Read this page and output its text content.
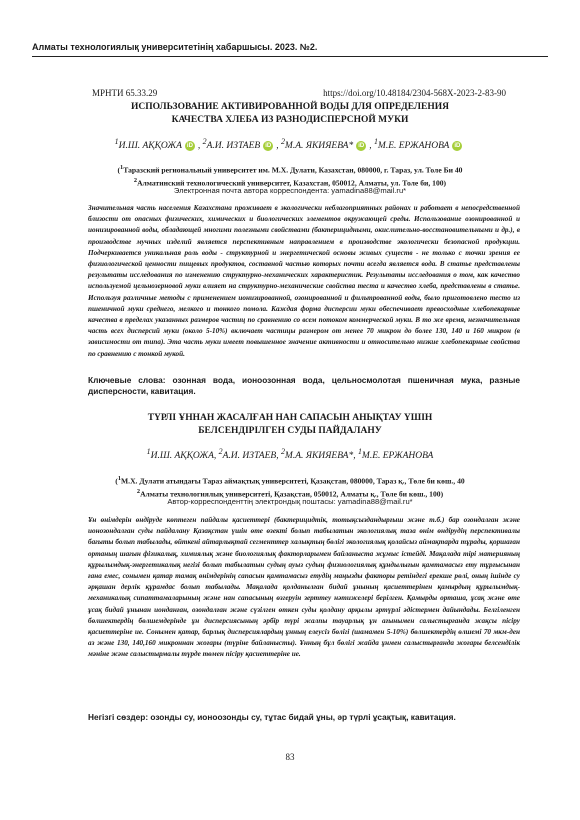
Алматы технологиялық университетінің хабаршысы. 2023. №2.
МРНТИ 65.33.29	https://doi.org/10.48184/2304-568X-2023-2-83-90
ИСПОЛЬЗОВАНИЕ АКТИВИРОВАННОЙ ВОДЫ ДЛЯ ОПРЕДЕЛЕНИЯ
КАЧЕСТВА ХЛЕБА ИЗ РАЗНОДИСПЕРСНОЙ МУКИ
$^1$И.Ш. АҚҚОЖА iD , $^2$А.И. ИЗТАЕВ iD , $^2$М.А. ЯКИЯЕВА* iD , $^1$М.Е. ЕРЖАНОВА iD
($^1$Таразский региональный университет им. М.Х. Дулати, Казахстан, 080000, г. Тараз, ул. Толе Би 40
$^2$Алматинский технологический университет, Казахстан, 050012, Алматы, ул. Толе би, 100)
Электронная почта автора корреспондента: yamadina88@mail.ru*
Значительная часть населения Казахстана проживает в экологически неблагоприятных районах и работает в непосредственной близости от опасных физических, химических и биологических элементов окружающей среды. Использование озонированной и ионизированной воды, обладающей многими полезными свойствами (бактерицидными, окислительно-восстановительными и др.), в производстве мучных изделий является перспективным направлением в производстве экологически безопасной продукции. Подчеркивается уникальная роль воды - структурной и энергетической основы живых существ - не только с точки зрения ее физиологической ценности пищевых продуктов, составной частью которых почти всегда является вода. В статье представлены результаты исследования по изменению структурно-механических характеристик. Результаты исследования о том, как качество используемой цельнозерновой муки влияет на структурно-механические свойства теста и качество хлеба, представлены в статье. Используя различные методы с применением ионизированной, озонированной и фильтрованной воды, было приготовлено тесто из пшеничной муки среднего, мелкого и тонкого помола. Каждая форма дисперсии муки обеспечивает превосходные хлебопекарные качества в пределах указанных размеров частиц по сравнению со всем потоком коммерческой муки. В то же время, незначительная часть всех дисперсий муки (около 5-10%) включает частицы размером от менее 70 микрон до более 130, 140 и 160 микрон (в зависимости от типа). Эта часть муки имеет повышенное значение активности и относительно низкие хлебопекарные свойства по сравнению с тонкой мукой.
Ключевые слова: озонная вода, ионоозонная вода, цельносмолотая пшеничная мука, разные дисперсности, кавитация.
ТҮРЛІ ҰННАН ЖАСАЛҒАН НАН САПАСЫН АНЫҚТАУ ҮШІН
БЕЛСЕНДІРІЛГЕН СУДЫ ПАЙДАЛАНУ
$^1$И.Ш. АҚҚОЖА, $^2$А.И. ИЗТАЕВ, $^2$М.А. ЯКИЯЕВА*, $^1$М.Е. ЕРЖАНОВА
($^1$М.Х. Дулати атындағы Тараз аймақтық университеті, Қазақстан, 080000, Тараз қ., Төле би көш., 40
$^2$Алматы технологиялық университеті, Қазақстан, 050012, Алматы қ., Төле би көш., 100)
Автор-корреспонденттің электрондық поштасы: yamadina88@mail.ru*
Ұн өнімдерін өндіруде көптеген пайдалы қасиеттері (бактерицидтік, тотықсыздандырғыш және т.б.) бар озондалған және ионозондалған суды пайдалану Қазақстан үшін өте өзекті болып табылатын экологиялық таза өнім өндірудің перспективалы бағыты болып табылады, өйткені айтарлықтай сегменттер халықтың бөлігі экологиялық қолайсыз аймақтарда тұрады, қоршаған ортаның шағын фізикалық, химиялық және биологиялық факторларымен байланыста жұмыс істейді. Мақалада тірі материяның құрылымдық-энергетикалық негізі болып табылатын судың ауыз судың физиологиялық құндылығын қамтамасыз ету тұрғысынан ғана емес, сонымен қатар тамақ өнімдерінің сапасын қамтамасыз етудің маңызды факторы ретіндегі ерекше рөлі, оның ішінде су әрқашан дерлік құрамдас болып табылады. Мақалада қолданылған бидай ұнының қасиеттерінен қамырдың құрылымдық-механикалық сипаттамаларының және нан сапасының өзгеруін зерттеу нәтижелері берілген. Қамырды орташа, ұсақ және өте ұсақ бидай ұнынан ионданған, озондалған және сүзілген өткен суды қолдану арқылы әртүрлі әдістермен дайындады. Белгіленген бөлшектердің бөлшемдерінде ұн дисперсиясының әрбір түрі жалпы тауарлық ұн ағынымен салыстырғанда жақсы пісіру қасиеттеріне ие. Сонымен қатар, барлық дисперсиялардың ұнның елеусіз бөлігі (шамамен 5-10%) бөлшектердің өлшемі 70 мкм-ден аз және 130, 140,160 микроннан жоғары (түріне байланысты). Ұнның бұл бөлігі жайда ұнмен салыстырғанда жоғары белсенділік мәніне және салыстырмалы түрде төмен пісіру қасиеттеріне ие.
Негізгі сөздер: озонды су, ионоозонды су, тұтас бидай ұны, әр түрлі ұсақтық, кавитация.
83
